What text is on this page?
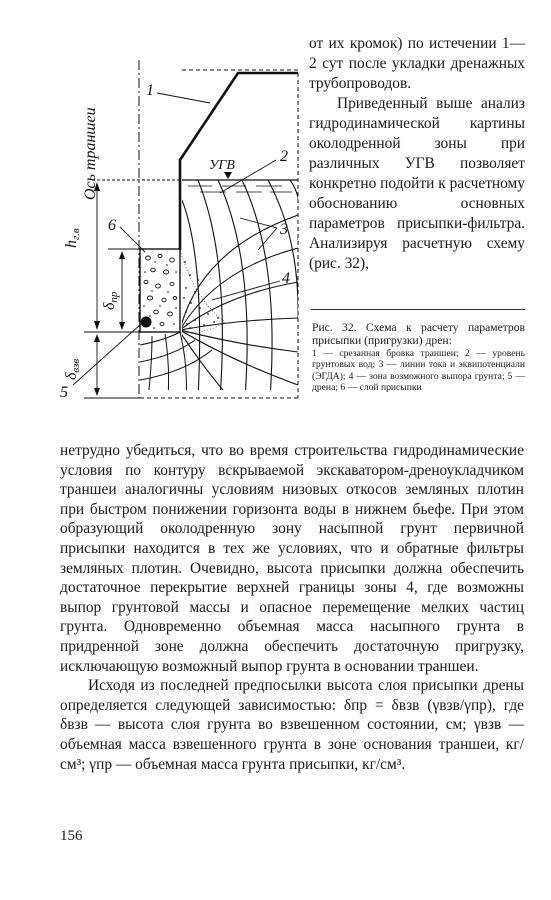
Ось траншеи	УГВ
hг.в
δпр
δвзв
1
2
3
4
5
6

от их кромок) по истечении 1—2 сут после укладки дренажных трубопроводов.

Приведенный выше анализ гидродинамической картины околодренной зоны при различных УГВ позволяет конкретно подойти к расчетному обоснованию основных параметров присыпки-фильтра. Анализируя расчетную схему (рис. 32),

Рис. 32. Схема к расчету параметров присыпки (пригрузки) дрен:
1 — срезанная бровка траншеи; 2 — уровень грунтовых вод; 3 — линии тока и эквипотенциали (ЭГДА); 4 — зона возможного выпора грунта; 5 — дрена; 6 — слой присыпки

нетрудно убедиться, что во время строительства гидродинамические условия по контуру вскрываемой экскаватором-дреноукладчиком траншеи аналогичны условиям низовых откосов земляных плотин при быстром понижении горизонта воды в нижнем бьефе. При этом образующий околодренную зону насыпной грунт первичной присыпки находится в тех же условиях, что и обратные фильтры земляных плотин. Очевидно, высота присыпки должна обеспечить достаточное перекрытие верхней границы зоны 4, где возможны выпор грунтовой массы и опасное перемещение мелких частиц грунта. Одновременно объемная масса насыпного грунта в придренной зоне должна обеспечить достаточную пригрузку, исключающую возможный выпор грунта в основании траншеи.

Исходя из последней предпосылки высота слоя присыпки дрены определяется следующей зависимостью: δпр = δвзв (γвзв/γпр), где δвзв — высота слоя грунта во взвешенном состоянии, см; γвзв — объемная масса взвешенного грунта в зоне основания траншеи, кг/см³; γпр — объемная масса грунта присыпки, кг/см³.

156
